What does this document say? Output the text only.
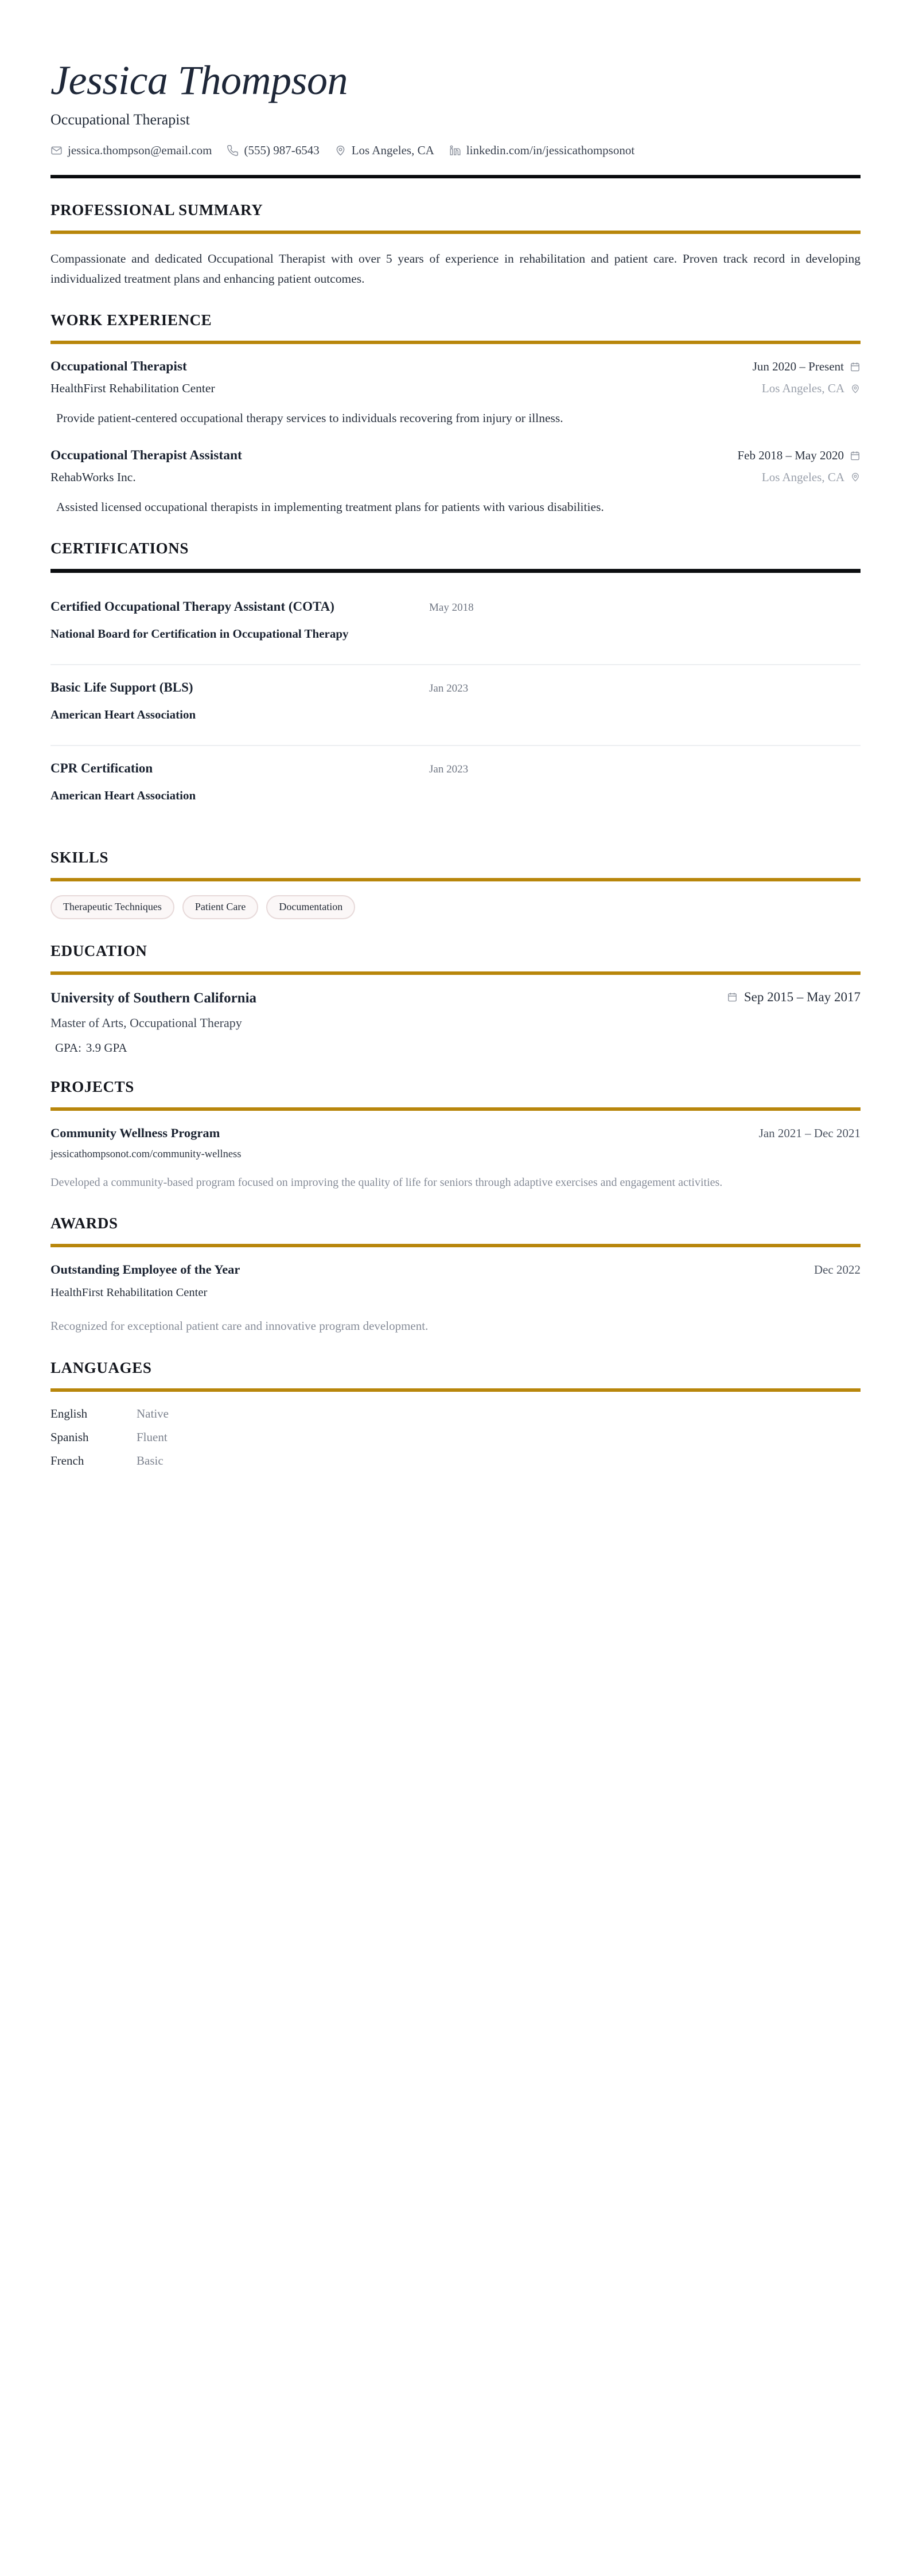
Jessica Thompson
Occupational Therapist
jessica.thompson@email.com	(555) 987-6543	Los Angeles, CA	linkedin.com/in/jessicathompsonot
PROFESSIONAL SUMMARY
Compassionate and dedicated Occupational Therapist with over 5 years of experience in rehabilitation and patient care. Proven track record in developing individualized treatment plans and enhancing patient outcomes.
WORK EXPERIENCE
Occupational Therapist	Jun 2020 – Present
HealthFirst Rehabilitation Center	Los Angeles, CA
Provide patient-centered occupational therapy services to individuals recovering from injury or illness.
Occupational Therapist Assistant	Feb 2018 – May 2020
RehabWorks Inc.	Los Angeles, CA
Assisted licensed occupational therapists in implementing treatment plans for patients with various disabilities.
CERTIFICATIONS
Certified Occupational Therapy Assistant (COTA)
National Board for Certification in Occupational Therapy
May 2018
Basic Life Support (BLS)
American Heart Association
Jan 2023
CPR Certification
American Heart Association
Jan 2023
SKILLS
Therapeutic Techniques	Patient Care	Documentation
EDUCATION
University of Southern California	Sep 2015 – May 2017
Master of Arts, Occupational Therapy
GPA: 3.9 GPA
PROJECTS
Community Wellness Program	Jan 2021 – Dec 2021
jessicathompsonot.com/community-wellness
Developed a community-based program focused on improving the quality of life for seniors through adaptive exercises and engagement activities.
AWARDS
Outstanding Employee of the Year	Dec 2022
HealthFirst Rehabilitation Center
Recognized for exceptional patient care and innovative program development.
LANGUAGES
English	Native
Spanish	Fluent
French	Basic
